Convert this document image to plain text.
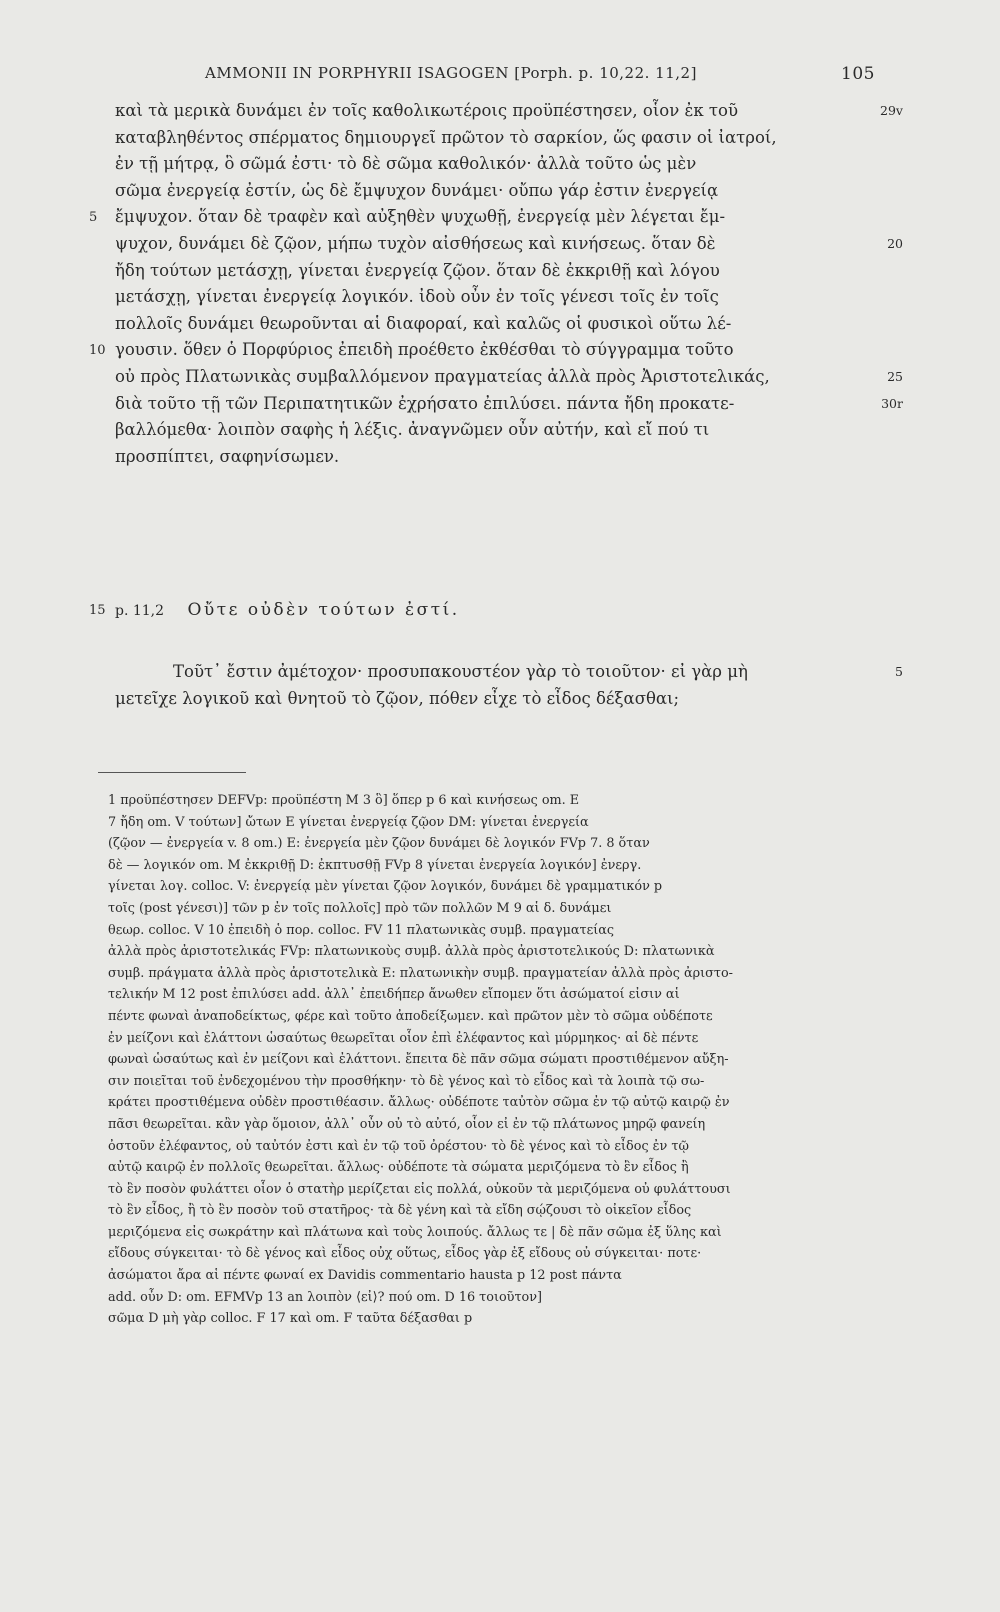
AMMONII IN PORPHYRII ISAGOGEN [Porph. p. 10,22. 11,2]	105
καὶ τὰ μερικὰ δυνάμει ἐν τοῖς καθολικωτέροις προϋπέστησεν, οἷον ἐκ τοῦ	29v
καταβληθέντος σπέρματος δημιουργεῖ πρῶτον τὸ σαρκίον, ὥς φασιν οἱ ἰατροί,
ἐν τῇ μήτρᾳ, ὃ σῶμά ἐστι· τὸ δὲ σῶμα καθολικόν· ἀλλὰ τοῦτο ὡς μὲν
σῶμα ἐνεργείᾳ ἐστίν, ὡς δὲ ἔμψυχον δυνάμει· οὔπω γάρ ἐστιν ἐνεργείᾳ
5 ἔμψυχον. ὅταν δὲ τραφὲν καὶ αὐξηθὲν ψυχωθῇ, ἐνεργείᾳ μὲν λέγεται ἔμ-
ψυχον, δυνάμει δὲ ζῷον, μήπω τυχὸν αἰσθήσεως καὶ κινήσεως. ὅταν δὲ	20
ἤδη τούτων μετάσχῃ, γίνεται ἐνεργείᾳ ζῷον. ὅταν δὲ ἐκκριθῇ καὶ λόγου
μετάσχῃ, γίνεται ἐνεργείᾳ λογικόν. ἰδοὺ οὖν ἐν τοῖς γένεσι τοῖς ἐν τοῖς
πολλοῖς δυνάμει θεωροῦνται αἱ διαφοραί, καὶ καλῶς οἱ φυσικοὶ οὕτω λέ-
10 γουσιν. ὅθεν ὁ Πορφύριος ἐπειδὴ προέθετο ἐκθέσθαι τὸ σύγγραμμα τοῦτο
οὐ πρὸς Πλατωνικὰς συμβαλλόμενον πραγματείας ἀλλὰ πρὸς Ἀριστοτελικάς,	25
διὰ τοῦτο τῇ τῶν Περιπατητικῶν ἐχρήσατο ἐπιλύσει. πάντα ἤδη προκατε-	30r
βαλλόμεθα· λοιπὸν σαφὴς ἡ λέξις. ἀναγνῶμεν οὖν αὐτήν, καὶ εἴ πού τι
προσπίπτει, σαφηνίσωμεν.
15 p. 11,2 Οὔτε οὐδὲν τούτων ἐστί.
Τοῦτ᾽ ἔστιν ἀμέτοχον· προσυπακουστέον γὰρ τὸ τοιοῦτον· εἰ γὰρ μὴ	5
μετεῖχε λογικοῦ καὶ θνητοῦ τὸ ζῷον, πόθεν εἶχε τὸ εἶδος δέξασθαι;
1 προϋπέστησεν DEFVp: προϋπέστη M 3 ὃ] ὅπερ p 6 καὶ κινήσεως om. E
7 ἤδη om. V τούτων] ὤτων E γίνεται ἐνεργείᾳ ζῷον DM: γίνεται ἐνεργεία
(ζῷον — ἐνεργεία v. 8 om.) E: ἐνεργεία μὲν ζῷον δυνάμει δὲ λογικόν FVp 7. 8 ὅταν
δὲ — λογικόν om. M ἐκκριθῇ D: ἐκπτυσθῇ FVp 8 γίνεται ἐνεργεία λογικόν] ἐνεργ.
γίνεται λογ. colloc. V: ἐνεργείᾳ μὲν γίνεται ζῷον λογικόν, δυνάμει δὲ γραμματικόν p
τοῖς (post γένεσι)] τῶν p ἐν τοῖς πολλοῖς] πρὸ τῶν πολλῶν M 9 αἱ δ. δυνάμει
θεωρ. colloc. V 10 ἐπειδὴ ὁ πορ. colloc. FV 11 πλατωνικὰς συμβ. πραγματείας
ἀλλὰ πρὸς ἀριστοτελικάς FVp: πλατωνικοὺς συμβ. ἀλλὰ πρὸς ἀριστοτελικούς D: πλατωνικὰ
συμβ. πράγματα ἀλλὰ πρὸς ἀριστοτελικὰ E: πλατωνικὴν συμβ. πραγματείαν ἀλλὰ πρὸς ἀριστο-
τελικήν M 12 post ἐπιλύσει add. ἀλλ᾽ ἐπειδήπερ ἄνωθεν εἴπομεν ὅτι ἀσώματοί εἰσιν αἱ
πέντε φωναὶ ἀναποδείκτως, φέρε καὶ τοῦτο ἀποδείξωμεν. καὶ πρῶτον μὲν τὸ σῶμα οὐδέποτε
ἐν μείζονι καὶ ἐλάττονι ὡσαύτως θεωρεῖται οἷον ἐπὶ ἐλέφαντος καὶ μύρμηκος· αἱ δὲ πέντε
φωναὶ ὡσαύτως καὶ ἐν μείζονι καὶ ἐλάττονι. ἔπειτα δὲ πᾶν σῶμα σώματι προστιθέμενον αὔξη-
σιν ποιεῖται τοῦ ἐνδεχομένου τὴν προσθήκην· τὸ δὲ γένος καὶ τὸ εἶδος καὶ τὰ λοιπὰ τῷ σω-
κράτει προστιθέμενα οὐδὲν προστιθέασιν. ἄλλως· οὐδέποτε ταὐτὸν σῶμα ἐν τῷ αὐτῷ καιρῷ ἐν
πᾶσι θεωρεῖται. κἂν γὰρ ὅμοιον, ἀλλ᾽ οὖν οὐ τὸ αὐτό, οἷον εἰ ἐν τῷ πλάτωνος μηρῷ φανείη
ὀστοῦν ἐλέφαντος, οὐ ταὐτόν ἐστι καὶ ἐν τῷ τοῦ ὀρέστου· τὸ δὲ γένος καὶ τὸ εἶδος ἐν τῷ
αὐτῷ καιρῷ ἐν πολλοῖς θεωρεῖται. ἄλλως· οὐδέποτε τὰ σώματα μεριζόμενα τὸ ἓν εἶδος ἢ
τὸ ἓν ποσὸν φυλάττει οἷον ὁ στατὴρ μερίζεται εἰς πολλά, οὐκοῦν τὰ μεριζόμενα οὐ φυλάττουσι
τὸ ἓν εἶδος, ἢ τὸ ἓν ποσὸν τοῦ στατῆρος· τὰ δὲ γένη καὶ τὰ εἴδη σῴζουσι τὸ οἰκεῖον εἶδος
μεριζόμενα εἰς σωκράτην καὶ πλάτωνα καὶ τοὺς λοιπούς. ἄλλως τε | δὲ πᾶν σῶμα ἐξ ὕλης καὶ
εἴδους σύγκειται· τὸ δὲ γένος καὶ εἶδος οὐχ οὕτως, εἶδος γὰρ ἐξ εἴδους οὐ σύγκειται· ποτε·
ἀσώματοι ἄρα αἱ πέντε φωναί ex Davidis commentario hausta p 12 post πάντα
add. οὖν D: om. EFMVp 13 an λοιπὸν ⟨εἰ⟩? πού om. D 16 τοιοῦτον]
σῶμα D μὴ γὰρ colloc. F 17 καὶ om. F ταῦτα δέξασθαι p
